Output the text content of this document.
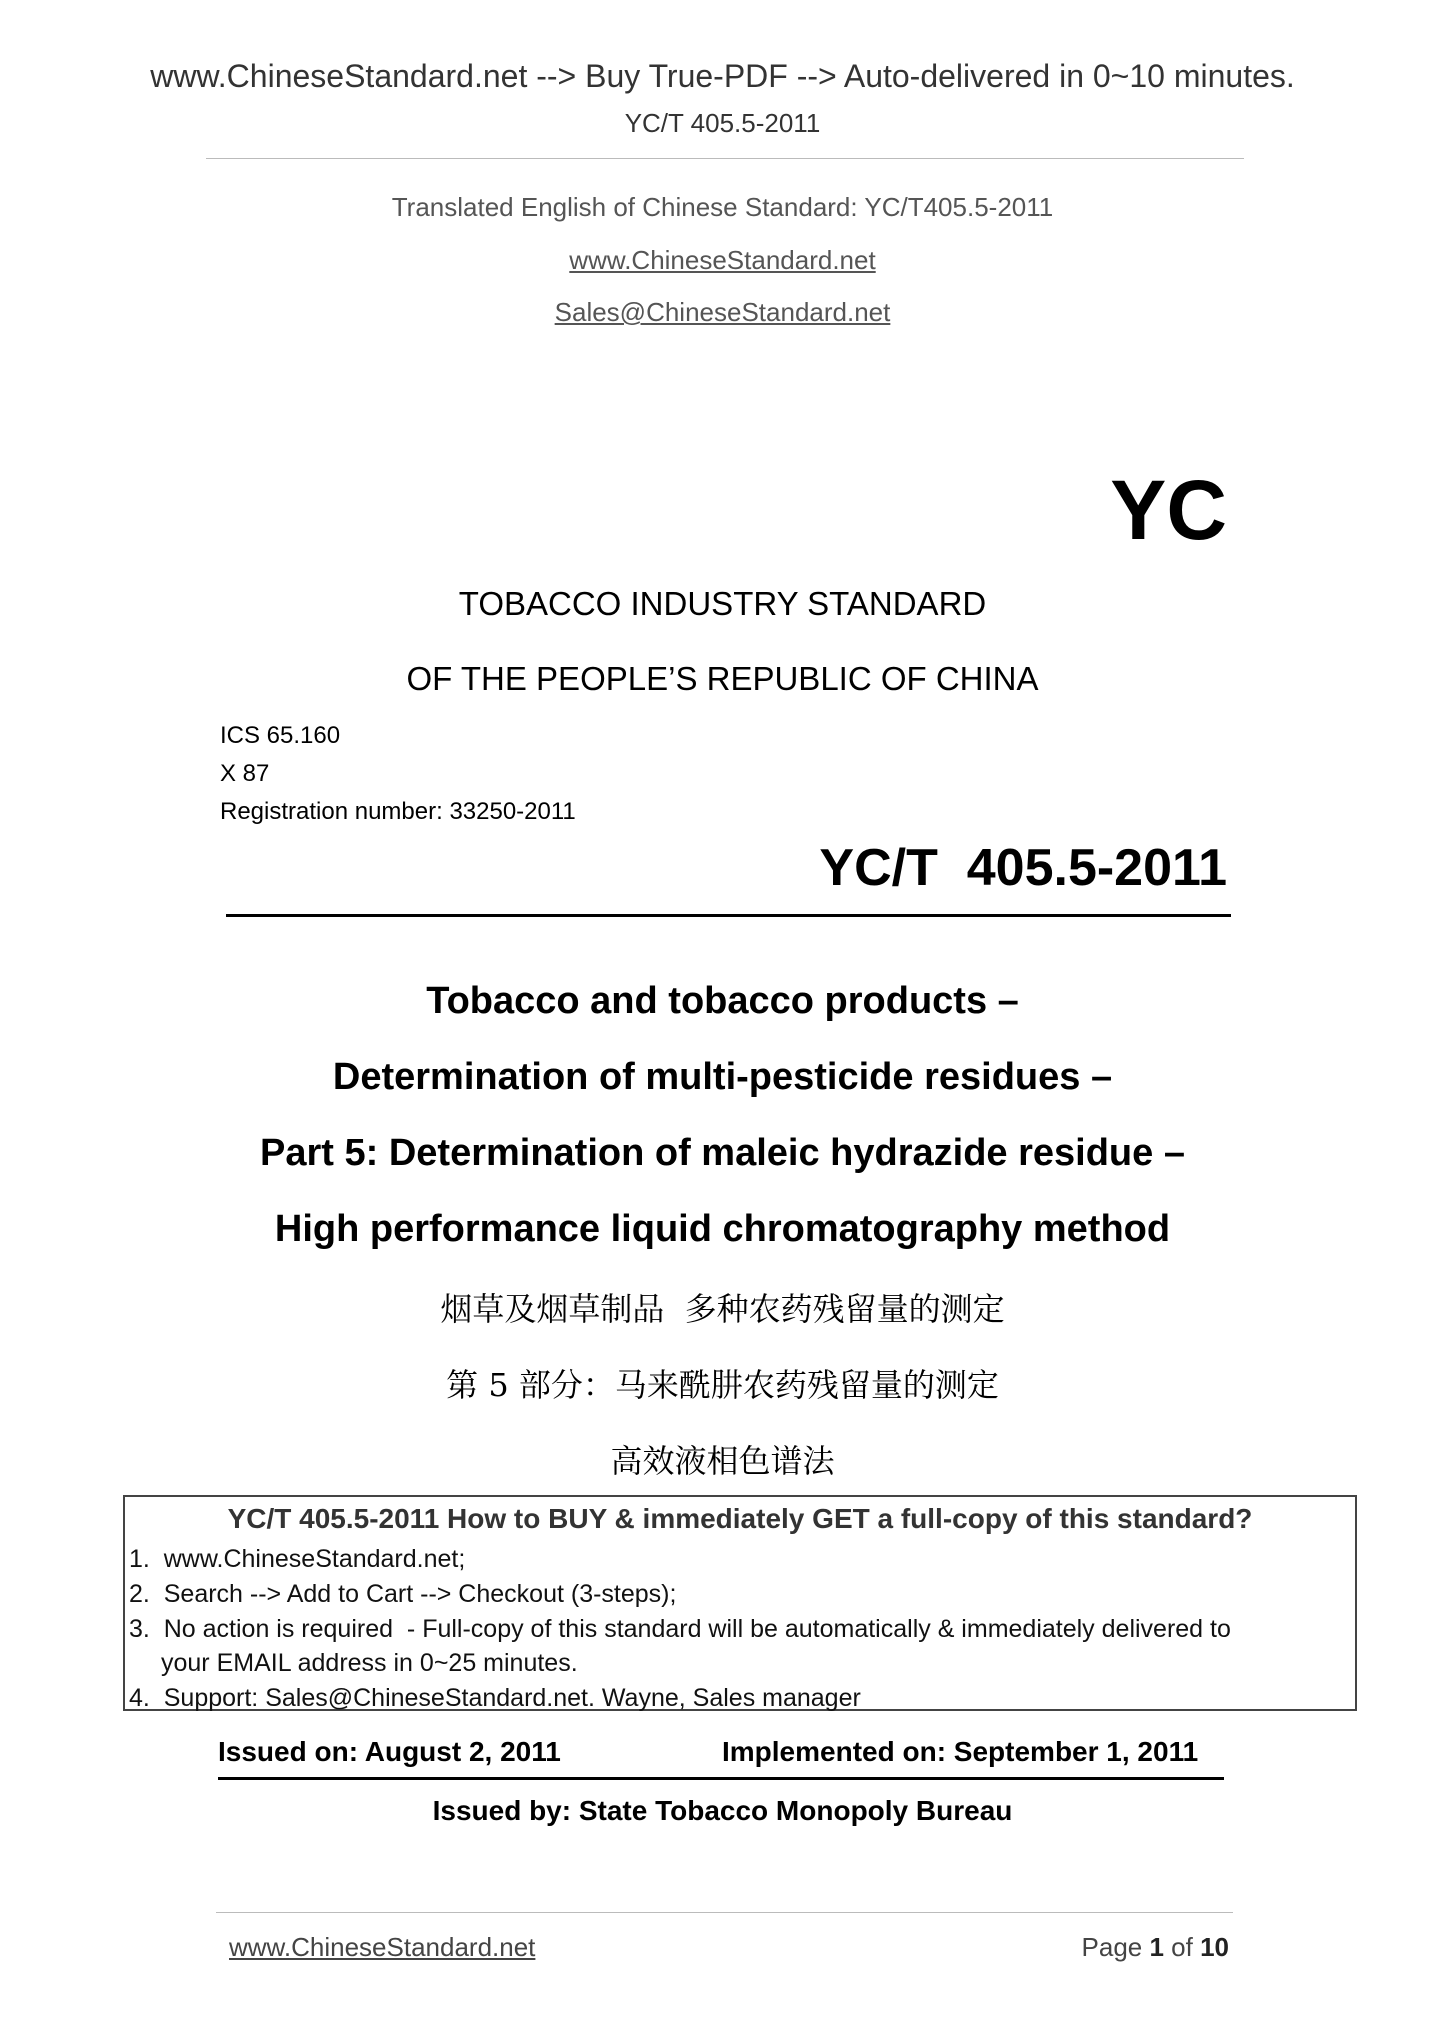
www.ChineseStandard.net --> Buy True-PDF --> Auto-delivered in 0~10 minutes.
YC/T 405.5-2011
Translated English of Chinese Standard: YC/T405.5-2011
www.ChineseStandard.net
Sales@ChineseStandard.net
YC
TOBACCO INDUSTRY STANDARD
OF THE PEOPLE’S REPUBLIC OF CHINA
ICS 65.160
X 87
Registration number: 33250-2011
YC/T  405.5-2011
Tobacco and tobacco products –
Determination of multi-pesticide residues –
Part 5: Determination of maleic hydrazide residue –
High performance liquid chromatography method
烟草及烟草制品  多种农药残留量的测定
第 5 部分：马来酰肼农药残留量的测定
高效液相色谱法
YC/T 405.5-2011 How to BUY & immediately GET a full-copy of this standard?
1.  www.ChineseStandard.net;
2.  Search --> Add to Cart --> Checkout (3-steps);
3.  No action is required  - Full-copy of this standard will be automatically & immediately delivered to
your EMAIL address in 0~25 minutes.
4.  Support: Sales@ChineseStandard.net. Wayne, Sales manager
Issued on: August 2, 2011	Implemented on: September 1, 2011
Issued by: State Tobacco Monopoly Bureau
www.ChineseStandard.net	Page 1 of 10
